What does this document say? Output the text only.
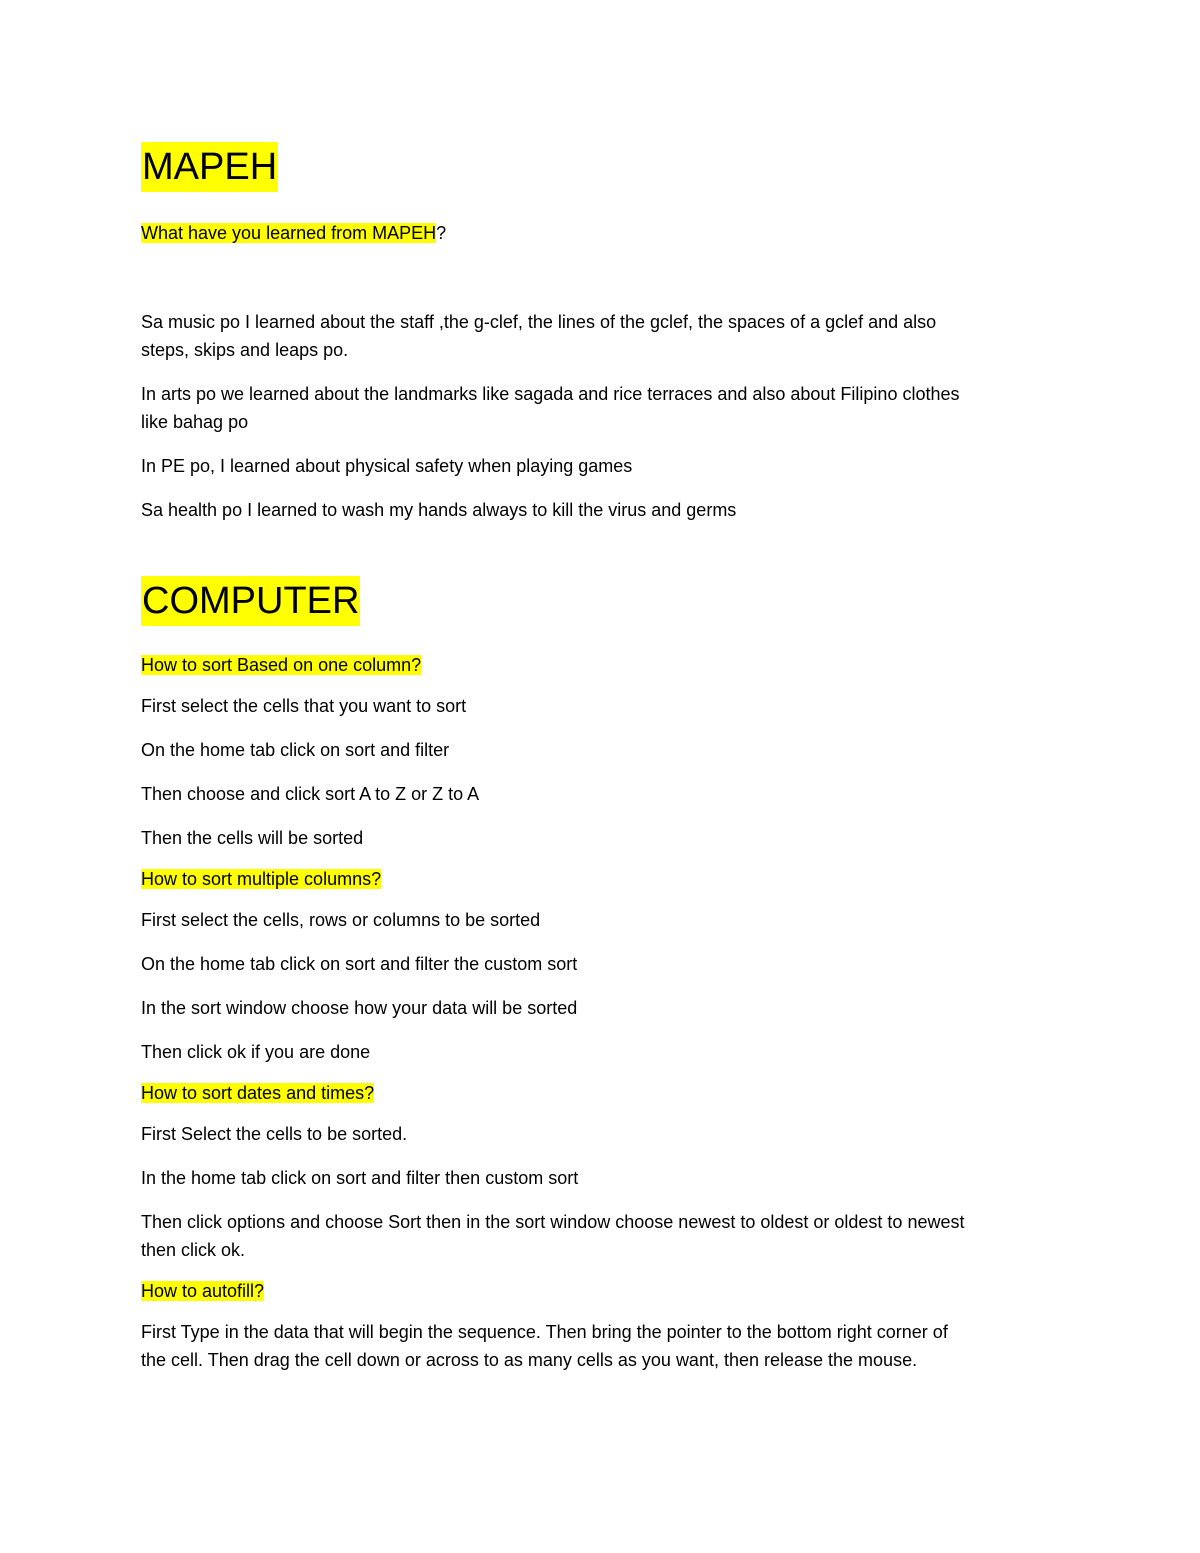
MAPEH

What have you learned from MAPEH?

Sa music po I learned about the staff ,the g-clef, the lines of the gclef, the spaces of a gclef and also
steps, skips and leaps po.

In arts po we learned about the landmarks like sagada and rice terraces and also about Filipino clothes
like bahag po

In PE po, I learned about physical safety when playing games

Sa health po I learned to wash my hands always to kill the virus and germs

COMPUTER

How to sort Based on one column?

First select the cells that you want to sort

On the home tab click on sort and filter

Then choose and click sort A to Z or Z to A

Then the cells will be sorted

How to sort multiple columns?

First select the cells, rows or columns to be sorted

On the home tab click on sort and filter the custom sort

In the sort window choose how your data will be sorted

Then click ok if you are done

How to sort dates and times?

First Select the cells to be sorted.

In the home tab click on sort and filter then custom sort

Then click options and choose Sort then in the sort window choose newest to oldest or oldest to newest
then click ok.

How to autofill?

First Type in the data that will begin the sequence. Then bring the pointer to the bottom right corner of
the cell. Then drag the cell down or across to as many cells as you want, then release the mouse.
